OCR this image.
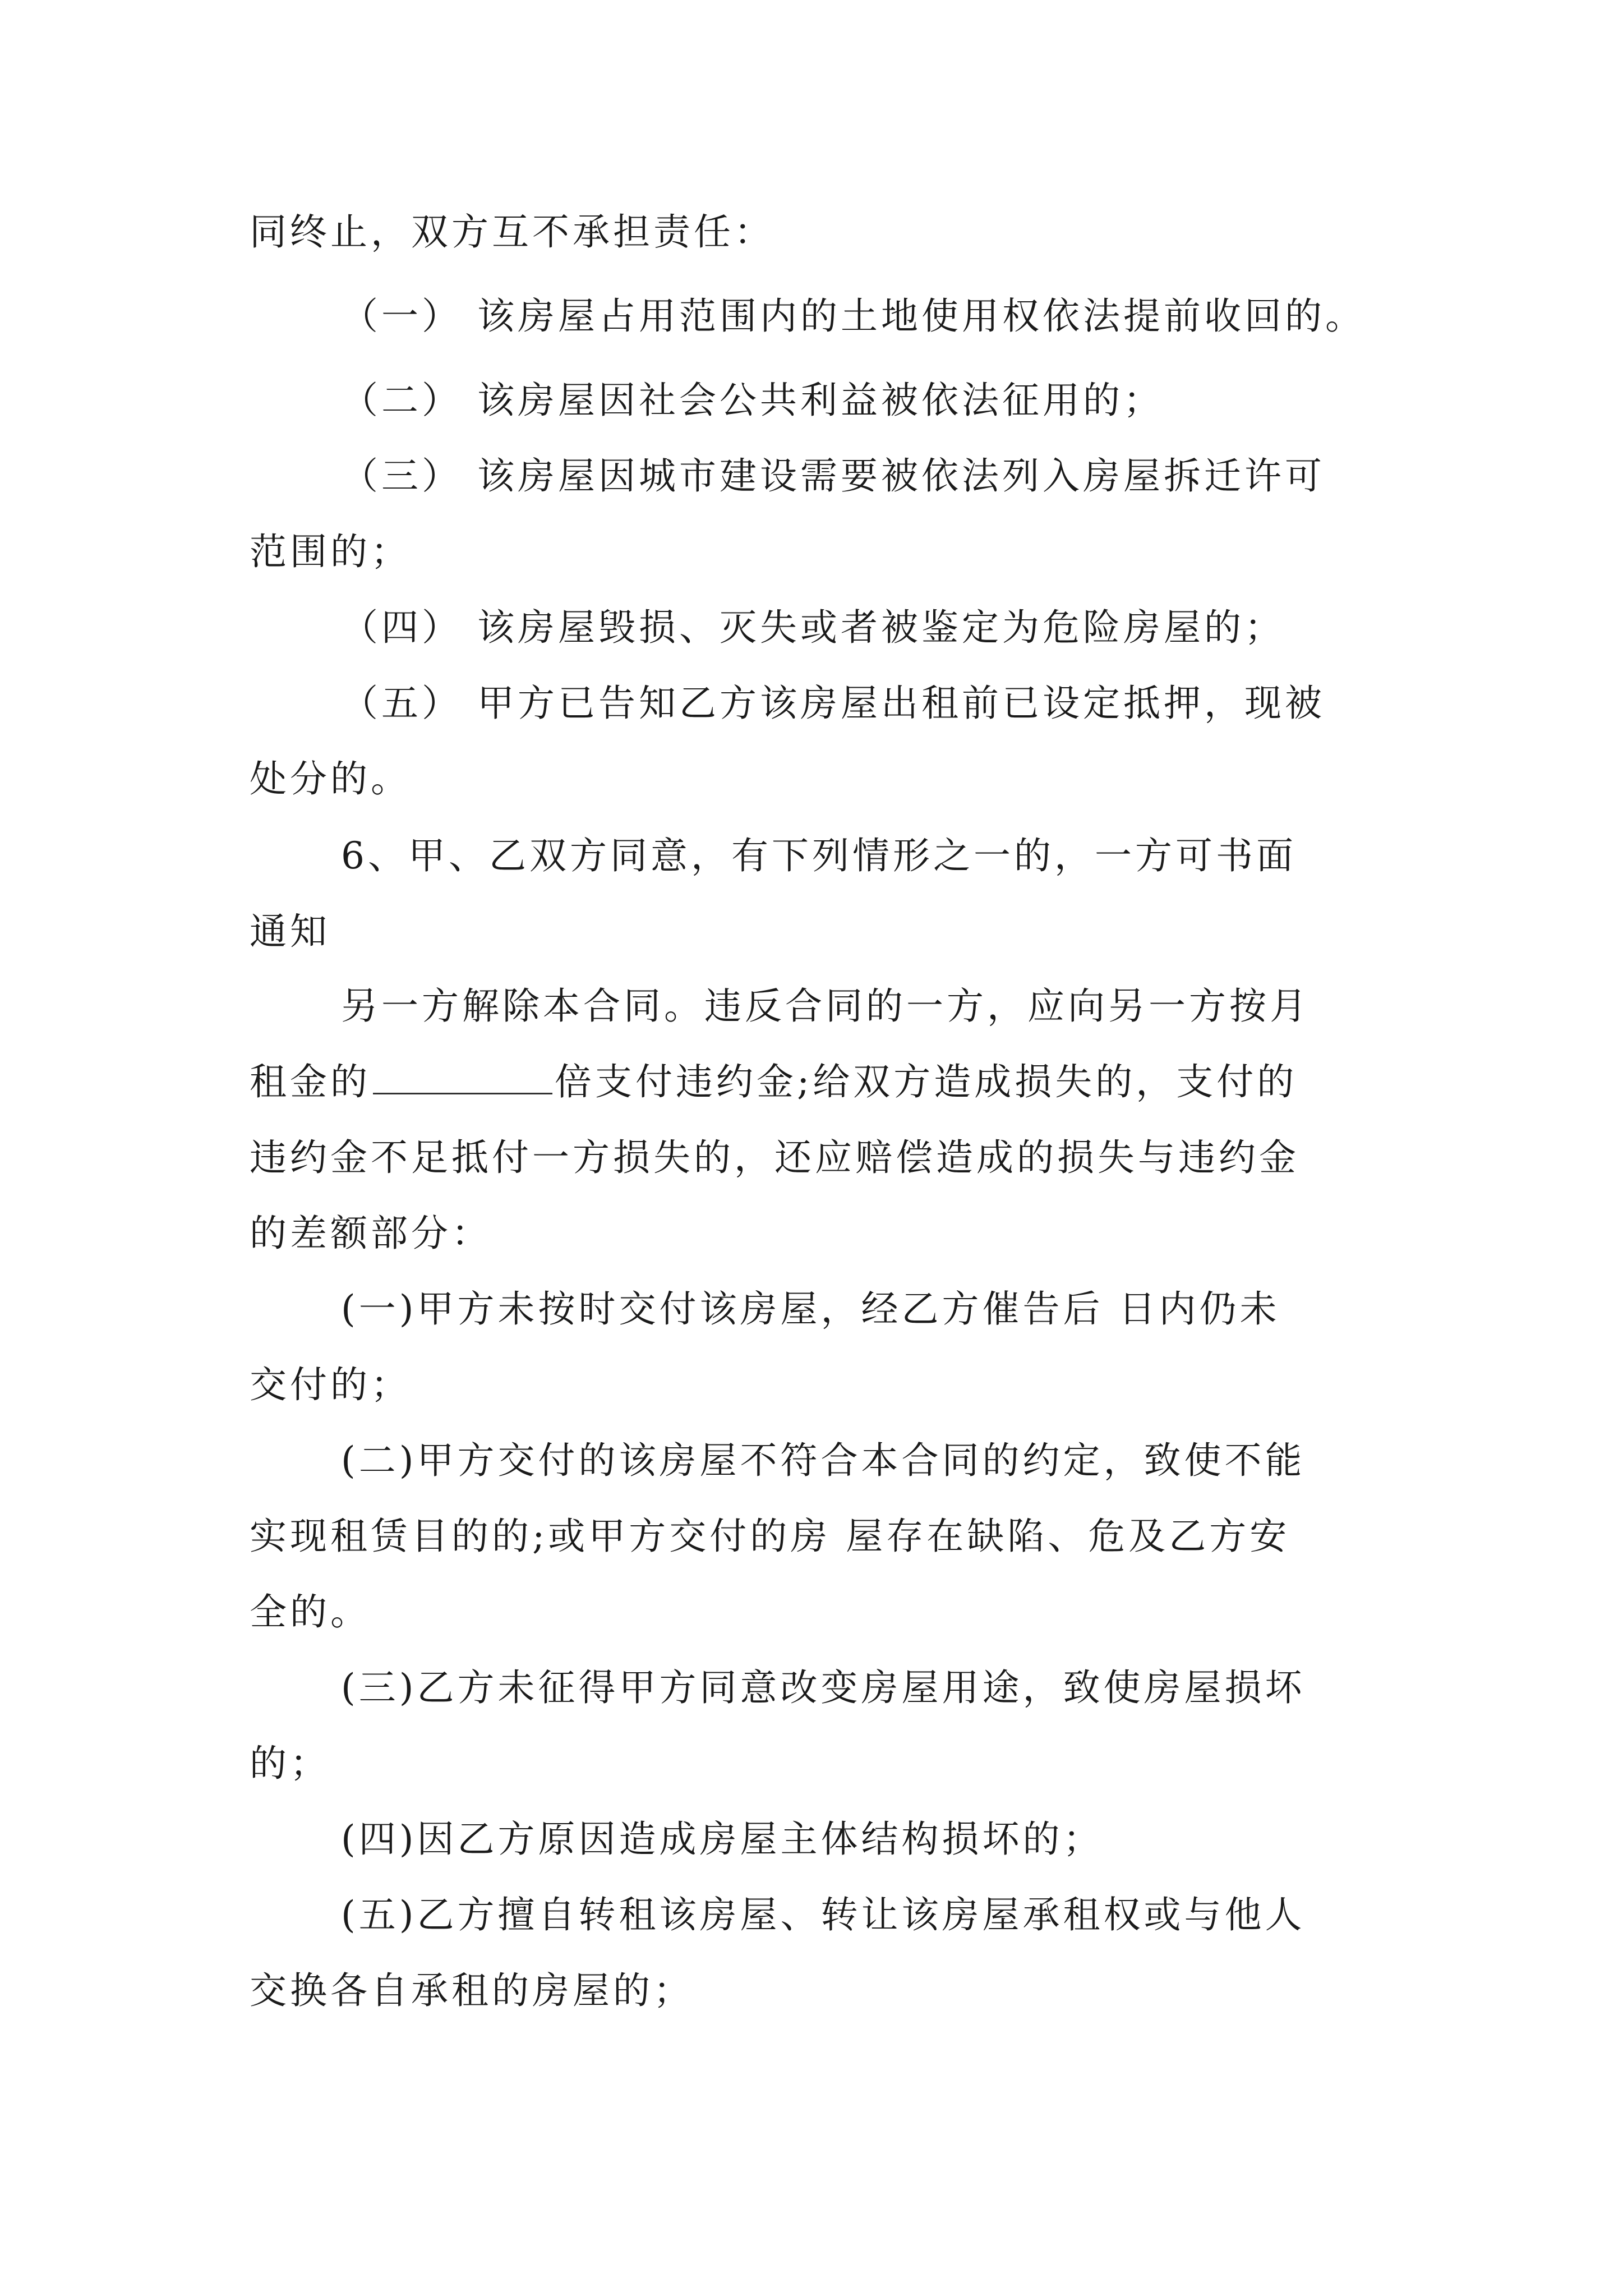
同终止，双方互不承担责任：
（一） 该房屋占用范围内的土地使用权依法提前收回的。
（二） 该房屋因社会公共利益被依法征用的；
（三） 该房屋因城市建设需要被依法列入房屋拆迁许可
范围的；
（四） 该房屋毁损、灭失或者被鉴定为危险房屋的；
（五） 甲方已告知乙方该房屋出租前已设定抵押，现被
处分的。
6、甲、乙双方同意，有下列情形之一的，一方可书面
通知
另一方解除本合同。违反合同的一方，应向另一方按月
租金的	倍支付违约金;给双方造成损失的，支付的
违约金不足抵付一方损失的，还应赔偿造成的损失与违约金
的差额部分：
(一)甲方未按时交付该房屋，经乙方催告后 日内仍未
交付的；
(二)甲方交付的该房屋不符合本合同的约定，致使不能
实现租赁目的的;或甲方交付的房 屋存在缺陷、危及乙方安
全的。
(三)乙方未征得甲方同意改变房屋用途，致使房屋损坏
的；
(四)因乙方原因造成房屋主体结构损坏的；
(五)乙方擅自转租该房屋、转让该房屋承租权或与他人
交换各自承租的房屋的；
